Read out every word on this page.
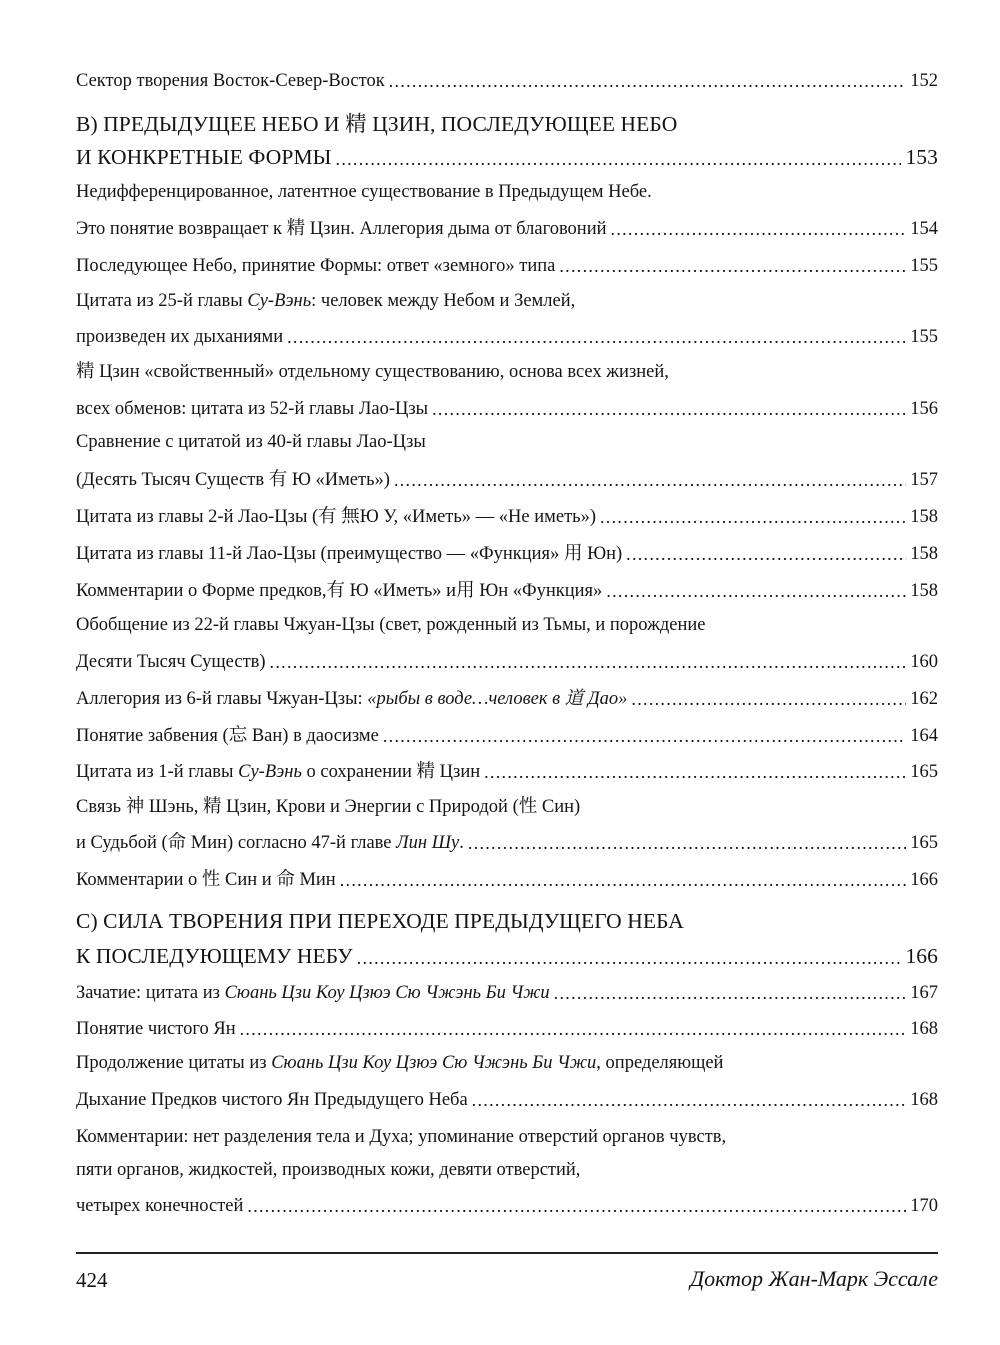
Сектор творения Восток-Север-Восток . . .	152
В) ПРЕДЫДУЩЕЕ НЕБО И 精 ЦЗИН, ПОСЛЕДУЮЩЕЕ НЕБО
И КОНКРЕТНЫЕ ФОРМЫ . . .	153
Недифференцированное, латентное существование в Предыдущем Небе.
Это понятие возвращает к 精 Цзин. Аллегория дыма от благовоний . . .	154
Последующее Небо, принятие Формы: ответ «земного» типа . . .	155
Цитата из 25-й главы Су-Вэнь: человек между Небом и Землей,
произведен их дыханиями . . .	155
精 Цзин «свойственный» отдельному существованию, основа всех жизней,
всех обменов: цитата из 52-й главы Лао-Цзы . . .	156
Сравнение с цитатой из 40-й главы Лао-Цзы
(Десять Тысяч Существ 有 Ю «Иметь») . . .	157
Цитата из главы 2-й Лао-Цзы (有 無Ю У, «Иметь» — «Не иметь») . . .	158
Цитата из главы 11-й Лао-Цзы (преимущество — «Функция» 用 Юн) . . .	158
Комментарии о Форме предков,有 Ю «Иметь» и用 Юн «Функция» . . .	158
Обобщение из 22-й главы Чжуан-Цзы (свет, рожденный из Тьмы, и порождение
Десяти Тысяч Существ) . . .	160
Аллегория из 6-й главы Чжуан-Цзы: «рыбы в воде…человек в 道 Дао» . . .	162
Понятие забвения (忘 Ван) в даосизме . . .	164
Цитата из 1-й главы Су-Вэнь о сохранении 精 Цзин . . .	165
Связь 神 Шэнь, 精 Цзин, Крови и Энергии с Природой (性 Син)
и Судьбой (命 Мин) согласно 47-й главе Лин Шу. . . .	165
Комментарии о 性 Син и 命 Мин . . .	166
С) СИЛА ТВОРЕНИЯ ПРИ ПЕРЕХОДЕ ПРЕДЫДУЩЕГО НЕБА
К ПОСЛЕДУЮЩЕМУ НЕБУ . . .	166
Зачатие: цитата из Сюань Цзи Коу Цзюэ Сю Чжэнь Би Чжи . . .	167
Понятие чистого Ян . . .	168
Продолжение цитаты из Сюань Цзи Коу Цзюэ Сю Чжэнь Би Чжи, определяющей
Дыхание Предков чистого Ян Предыдущего Неба . . .	168
Комментарии: нет разделения тела и Духа; упоминание отверстий органов чувств,
пяти органов, жидкостей, производных кожи, девяти отверстий,
четырех конечностей . . .	170
424	Доктор Жан-Марк Эссале
